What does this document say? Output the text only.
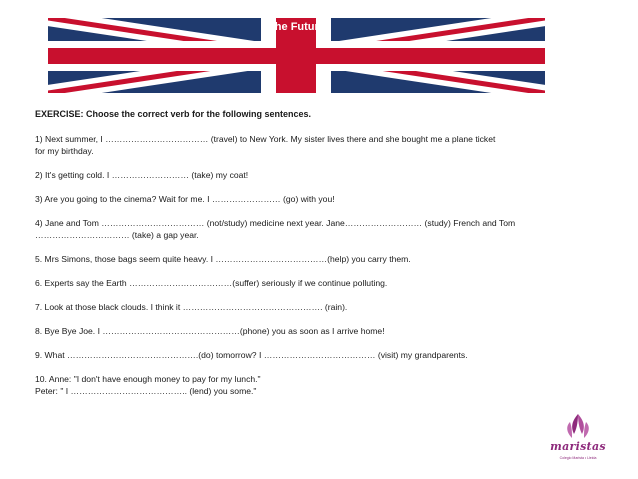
The Future

EXERCISE: Choose the correct verb for the following sentences.

1) Next summer, I ……………………………… (travel) to New York. My sister lives there and she bought me a plane ticket
for my birthday.

2) It's getting cold. I ……………………… (take) my coat!

3) Are you going to the cinema? Wait for me. I …………………… (go) with you!

4) Jane and Tom ……………………………… (not/study) medicine next year. Jane……………………… (study) French and Tom
…………………………… (take) a gap year.

5. Mrs Simons, those bags seem quite heavy. I …………………………………(help) you carry them.

6. Experts say the Earth ………………………………(suffer) seriously if we continue polluting.

7. Look at those black clouds. I think it …………………………………………. (rain).

8. Bye Bye Joe. I …………………………………………(phone) you as soon as I arrive home!

9. What ……………………………………….(do) tomorrow? I ………………………………… (visit) my grandparents.

10. Anne: "I don't have enough money to pay for my lunch."
Peter: " I ………………………………….. (lend) you some."

maristas
Colegio Marista • Lleida
